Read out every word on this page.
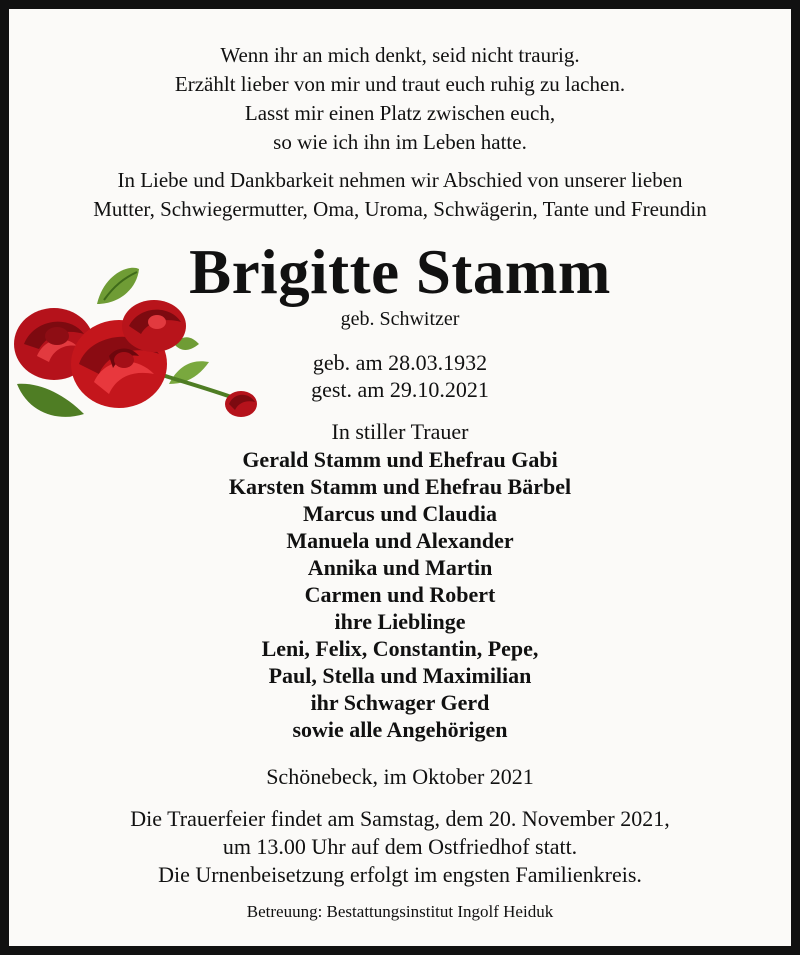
Wenn ihr an mich denkt, seid nicht traurig.
Erzählt lieber von mir und traut euch ruhig zu lachen.
Lasst mir einen Platz zwischen euch,
so wie ich ihn im Leben hatte.
In Liebe und Dankbarkeit nehmen wir Abschied von unserer lieben
Mutter, Schwiegermutter, Oma, Uroma, Schwägerin, Tante und Freundin
Brigitte Stamm
geb. Schwitzer
geb. am 28.03.1932
gest. am 29.10.2021
In stiller Trauer
Gerald Stamm und Ehefrau Gabi
Karsten Stamm und Ehefrau Bärbel
Marcus und Claudia
Manuela und Alexander
Annika und Martin
Carmen und Robert
ihre Lieblinge
Leni, Felix, Constantin, Pepe,
Paul, Stella und Maximilian
ihr Schwager Gerd
sowie alle Angehörigen
Schönebeck, im Oktober 2021
Die Trauerfeier findet am Samstag, dem 20. November 2021,
um 13.00 Uhr auf dem Ostfriedhof statt.
Die Urnenbeisetzung erfolgt im engsten Familienkreis.
Betreuung: Bestattungsinstitut Ingolf Heiduk
